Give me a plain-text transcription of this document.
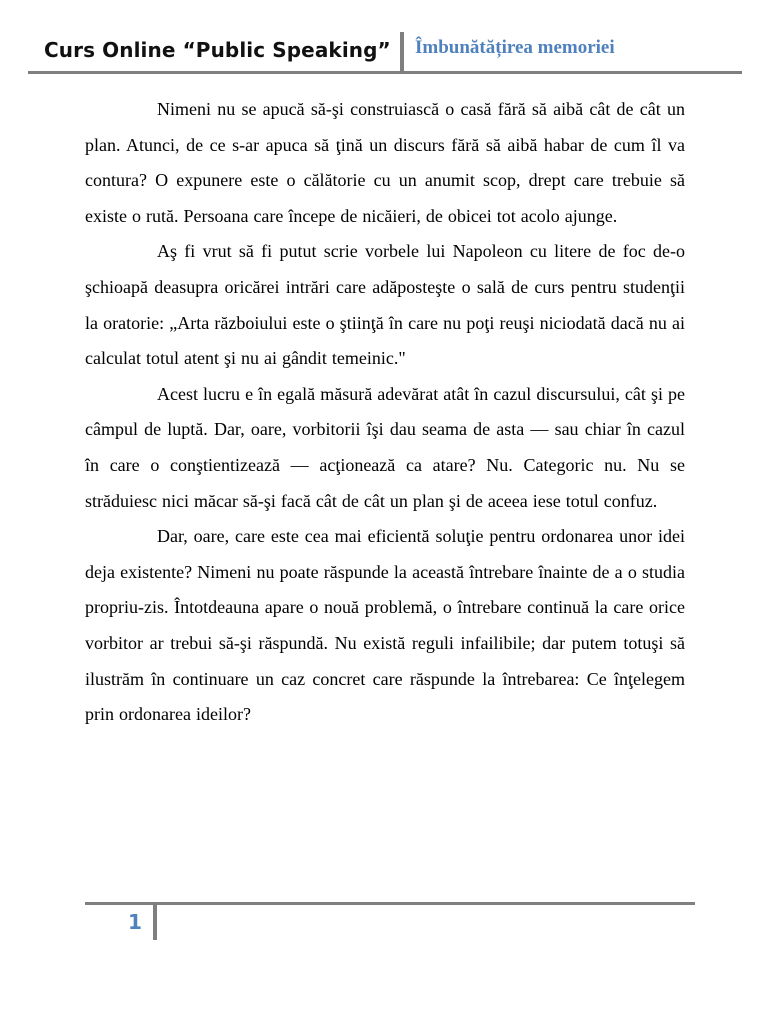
Curs Online “Public Speaking” Îmbunătățirea memoriei

Nimeni nu se apucă să-şi construiască o casă fără să aibă cât de cât un plan. Atunci, de ce s-ar apuca să ţină un discurs fără să aibă habar de cum îl va contura? O expunere este o călătorie cu un anumit scop, drept care trebuie să existe o rută. Persoana care începe de nicăieri, de obicei tot acolo ajunge.

Aş fi vrut să fi putut scrie vorbele lui Napoleon cu litere de foc de-o şchioapă deasupra oricărei intrări care adăposteşte o sală de curs pentru studenţii la oratorie: „Arta războiului este o ştiinţă în care nu poţi reuşi niciodată dacă nu ai calculat totul atent şi nu ai gândit temeinic."

Acest lucru e în egală măsură adevărat atât în cazul discursului, cât şi pe câmpul de luptă. Dar, oare, vorbitorii îşi dau seama de asta — sau chiar în cazul în care o conştientizează — acţionează ca atare? Nu. Categoric nu. Nu se străduiesc nici măcar să-şi facă cât de cât un plan şi de aceea iese totul confuz.

Dar, oare, care este cea mai eficientă soluţie pentru ordonarea unor idei deja existente? Nimeni nu poate răspunde la această întrebare înainte de a o studia propriu-zis. Întotdeauna apare o nouă problemă, o întrebare continuă la care orice vorbitor ar trebui să-şi răspundă. Nu există reguli infailibile; dar putem totuşi să ilustrăm în continuare un caz concret care răspunde la întrebarea: Ce înţelegem prin ordonarea ideilor?

1
